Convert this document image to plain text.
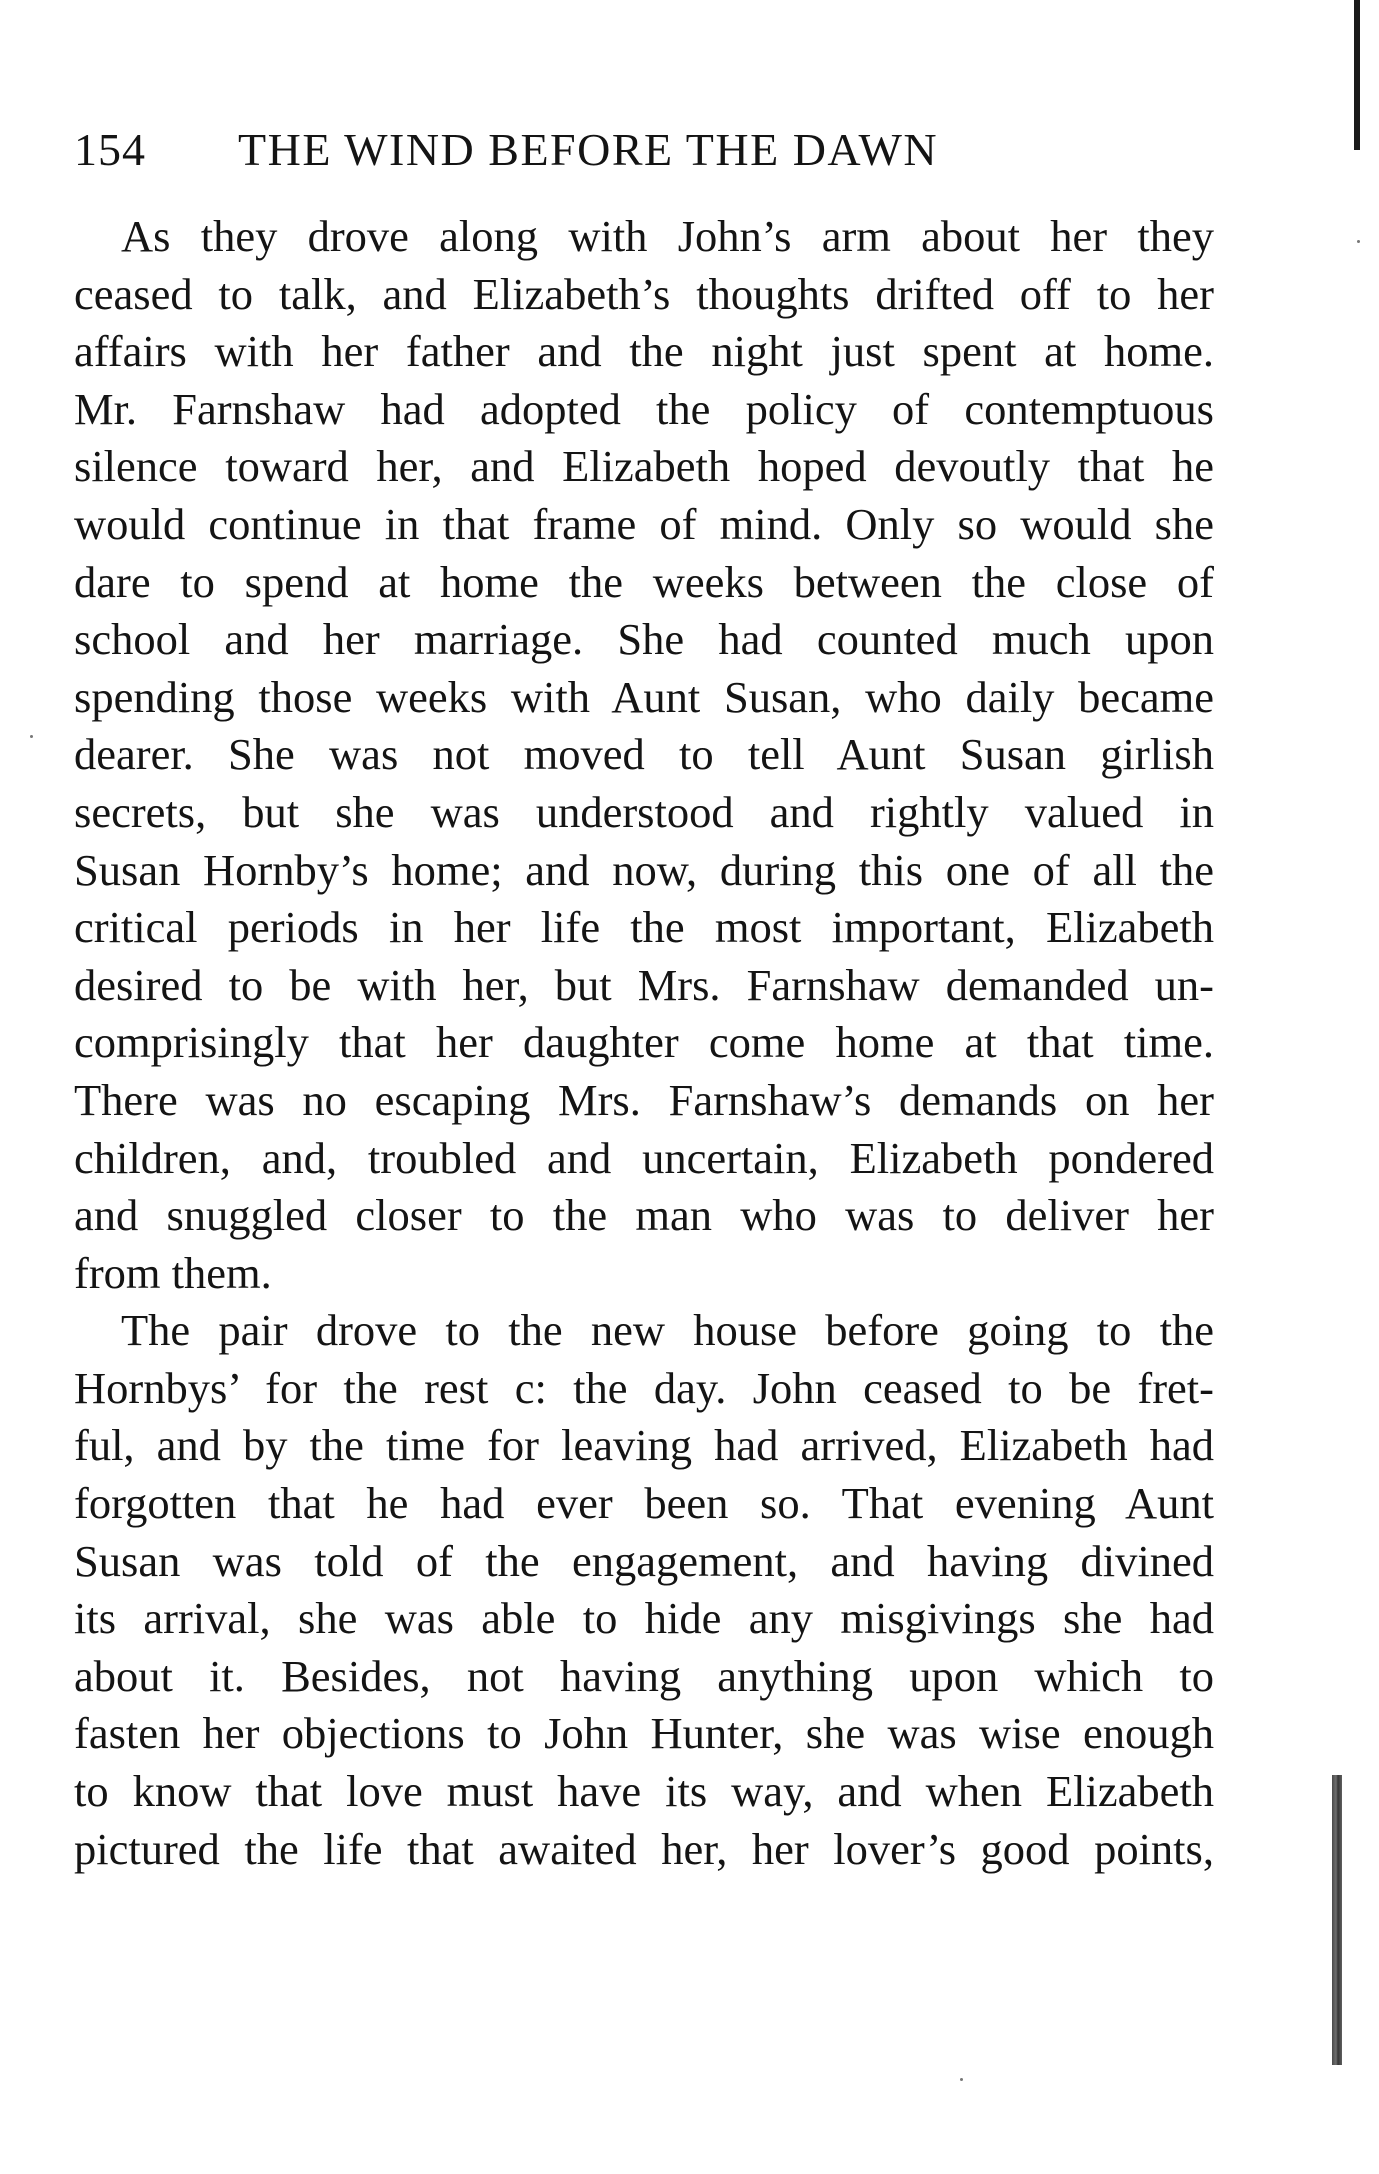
154 THE WIND BEFORE THE DAWN
As they drove along with John’s arm about her they
ceased to talk, and Elizabeth’s thoughts drifted off to her
affairs with her father and the night just spent at home.
Mr. Farnshaw had adopted the policy of contemptuous
silence toward her, and Elizabeth hoped devoutly that he
would continue in that frame of mind. Only so would she
dare to spend at home the weeks between the close of
school and her marriage. She had counted much upon
spending those weeks with Aunt Susan, who daily became
dearer. She was not moved to tell Aunt Susan girlish
secrets, but she was understood and rightly valued in
Susan Hornby’s home; and now, during this one of all the
critical periods in her life the most important, Elizabeth
desired to be with her, but Mrs. Farnshaw demanded un-
comprisingly that her daughter come home at that time.
There was no escaping Mrs. Farnshaw’s demands on her
children, and, troubled and uncertain, Elizabeth pondered
and snuggled closer to the man who was to deliver her
from them.
The pair drove to the new house before going to the
Hornbys’ for the rest c: the day. John ceased to be fret-
ful, and by the time for leaving had arrived, Elizabeth had
forgotten that he had ever been so. That evening Aunt
Susan was told of the engagement, and having divined
its arrival, she was able to hide any misgivings she had
about it. Besides, not having anything upon which to
fasten her objections to John Hunter, she was wise enough
to know that love must have its way, and when Elizabeth
pictured the life that awaited her, her lover’s good points,
